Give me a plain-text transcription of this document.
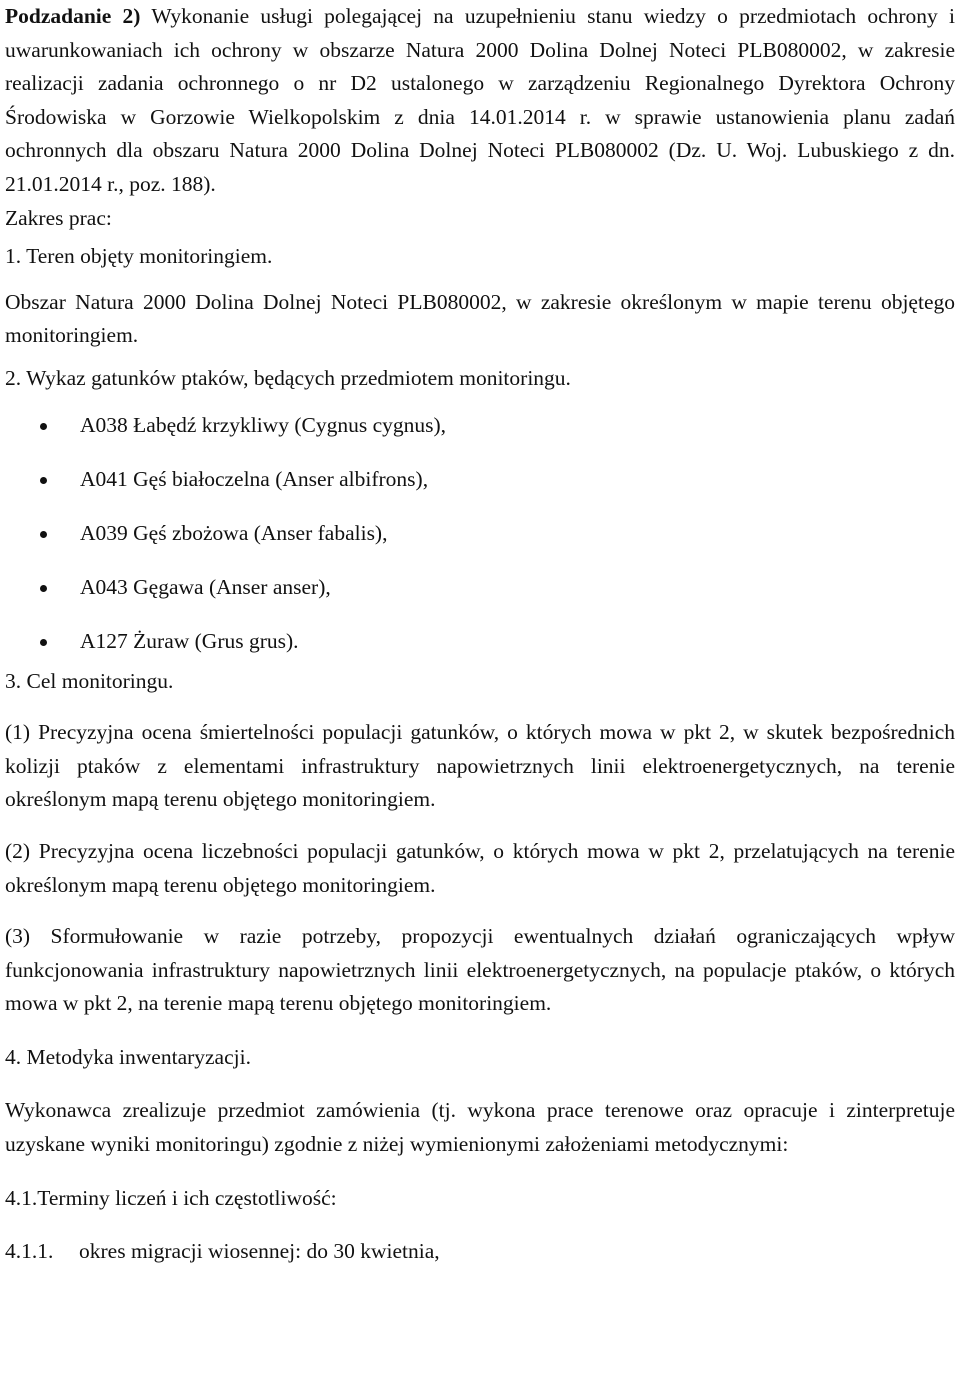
Podzadanie 2) Wykonanie usługi polegającej na uzupełnieniu stanu wiedzy o przedmiotach ochrony i uwarunkowaniach ich ochrony w obszarze Natura 2000 Dolina Dolnej Noteci PLB080002, w zakresie realizacji zadania ochronnego o nr D2 ustalonego w zarządzeniu Regionalnego Dyrektora Ochrony Środowiska w Gorzowie Wielkopolskim z dnia 14.01.2014 r. w sprawie ustanowienia planu zadań ochronnych dla obszaru Natura 2000 Dolina Dolnej Noteci PLB080002 (Dz. U. Woj. Lubuskiego z dn. 21.01.2014 r., poz. 188).

Zakres prac:

1. Teren objęty monitoringiem.

Obszar Natura 2000 Dolina Dolnej Noteci PLB080002, w zakresie określonym w mapie terenu objętego monitoringiem.

2. Wykaz gatunków ptaków, będących przedmiotem monitoringu.

A038 Łabędź krzykliwy (Cygnus cygnus),
A041 Gęś białoczelna (Anser albifrons),
A039 Gęś zbożowa (Anser fabalis),
A043 Gęgawa (Anser anser),
A127 Żuraw (Grus grus).

3. Cel monitoringu.

(1) Precyzyjna ocena śmiertelności populacji gatunków, o których mowa w pkt 2, w skutek bezpośrednich kolizji ptaków z elementami infrastruktury napowietrznych linii elektroenergetycznych, na terenie określonym mapą terenu objętego monitoringiem.

(2) Precyzyjna ocena liczebności populacji gatunków, o których mowa w pkt 2, przelatujących na terenie określonym mapą terenu objętego monitoringiem.

(3) Sformułowanie w razie potrzeby, propozycji ewentualnych działań ograniczających wpływ funkcjonowania infrastruktury napowietrznych linii elektroenergetycznych, na populacje ptaków, o których mowa w pkt 2, na terenie mapą terenu objętego monitoringiem.

4. Metodyka inwentaryzacji.

Wykonawca zrealizuje przedmiot zamówienia (tj. wykona prace terenowe oraz opracuje i zinterpretuje uzyskane wyniki monitoringu) zgodnie z niżej wymienionymi założeniami metodycznymi:

4.1.Terminy liczeń i ich częstotliwość:

4.1.1. okres migracji wiosennej: do 30 kwietnia,
